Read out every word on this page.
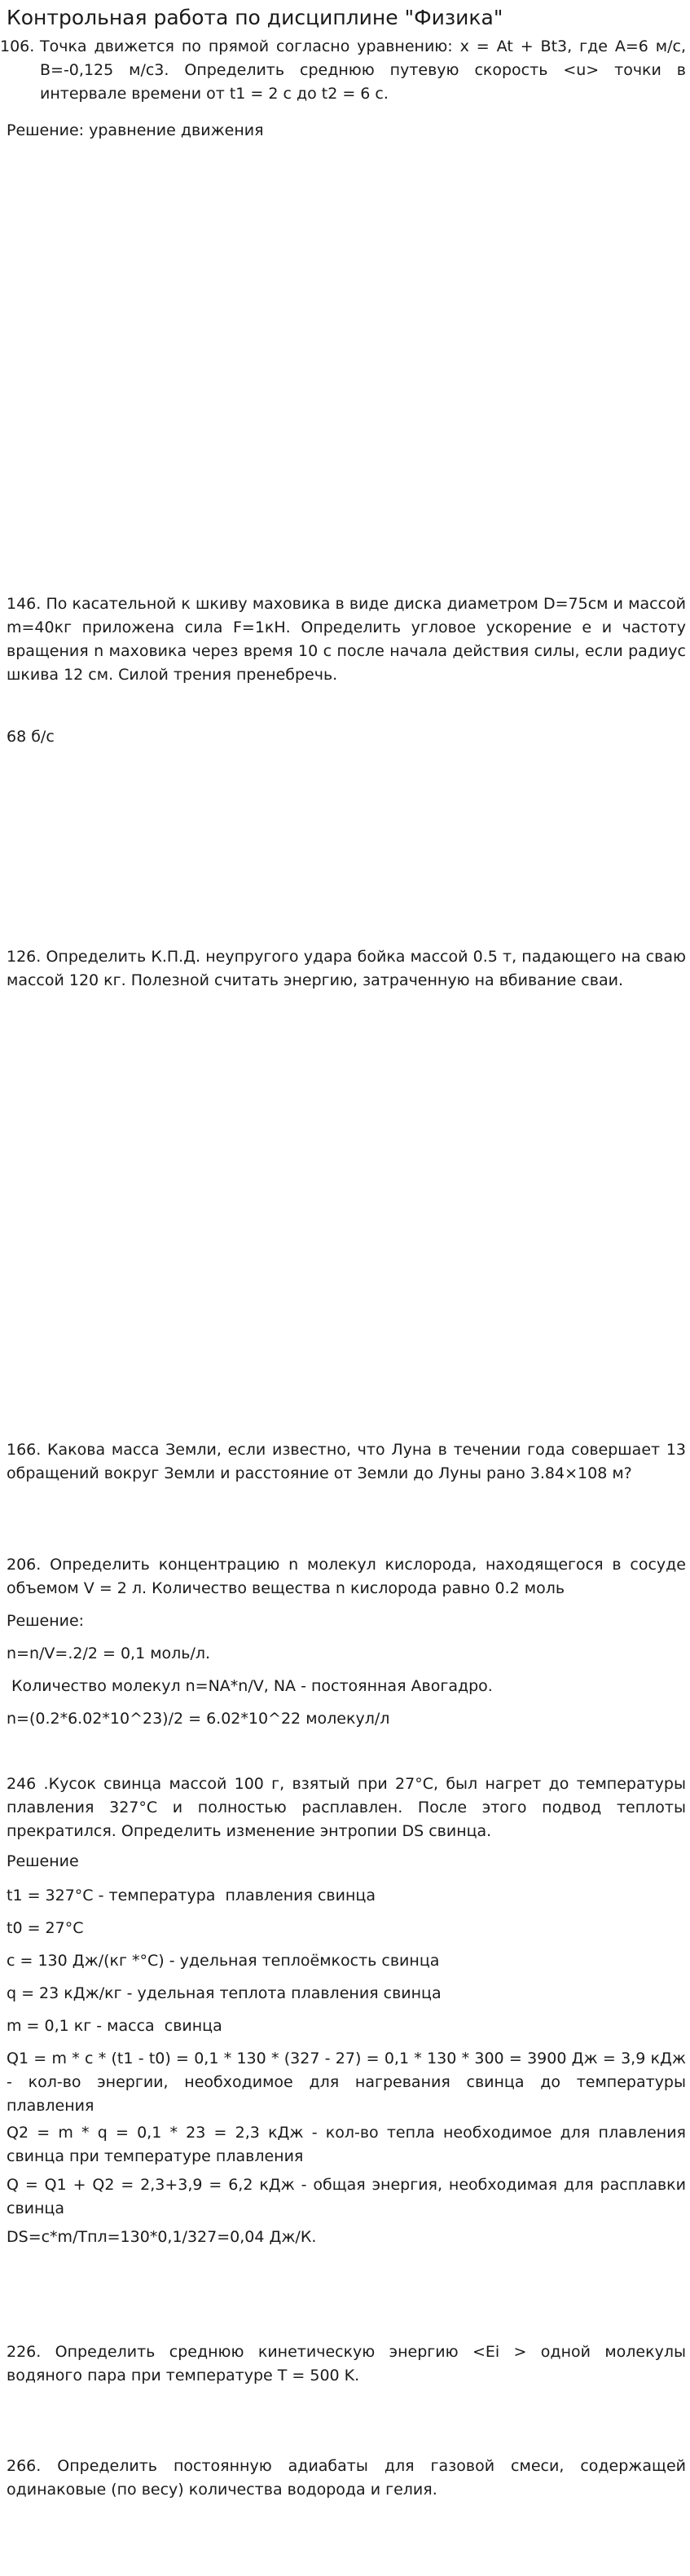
Контрольная работа по дисциплине "Физика"
106. Точка движется по прямой согласно уравнению: x = At + Bt3, где A=6 м/с, B=-0,125 м/с3. Определить среднюю путевую скорость <u> точки в интервале времени от t1 = 2 с до t2 = 6 с.

Решение: уравнение движения

146. По касательной к шкиву маховика в виде диска диаметром D=75см и массой m=40кг приложена сила F=1кН. Определить угловое ускорение e и частоту вращения n маховика через время 10 с после начала действия силы, если радиус шкива 12 см. Силой трения пренебречь.

68 б/с

126. Определить К.П.Д. неупругого удара бойка массой 0.5 т, падающего на сваю массой 120 кг. Полезной считать энергию, затраченную на вбивание сваи.

166. Какова масса Земли, если известно, что Луна в течении года совершает 13 обращений вокруг Земли и расстояние от Земли до Луны рано 3.84×108 м?

206. Определить концентрацию n молекул кислорода, находящегося в сосуде объемом V = 2 л. Количество вещества n кислорода равно 0.2 моль

Решение:

n=n/V=.2/2 = 0,1 моль/л.

Количество молекул n=NA*n/V, NA - постоянная Авогадро.

n=(0.2*6.02*10^23)/2 = 6.02*10^22 молекул/л

246 .Кусок свинца массой 100 г, взятый при 27°С, был нагрет до температуры плавления 327°С и полностью расплавлен. После этого подвод теплоты прекратился. Определить изменение энтропии DS свинца.

Решение

t1 = 327°С - температура  плавления свинца

t0 = 27°С

c = 130 Дж/(кг *°С) - удельная теплоёмкость свинца

q = 23 кДж/кг - удельная теплота плавления свинца

m = 0,1 кг - масса  свинца

Q1 = m * c * (t1 - t0) = 0,1 * 130 * (327 - 27) = 0,1 * 130 * 300 = 3900 Дж = 3,9 кДж - кол-во энергии, необходимое для нагревания свинца до температуры плавления

Q2 = m * q = 0,1 * 23 = 2,3 кДж - кол-во тепла необходимое для плавления свинца при температуре плавления

Q = Q1 + Q2 = 2,3+3,9 = 6,2 кДж - общая энергия, необходимая для расплавки свинца

DS=c*m/Tпл=130*0,1/327=0,04 Дж/К.

226. Определить среднюю кинетическую энергию <Ei > одной молекулы водяного пара при температуре T = 500 K.

266. Определить постоянную адиабаты для газовой смеси, содержащей одинаковые (по весу) количества водорода и гелия.
